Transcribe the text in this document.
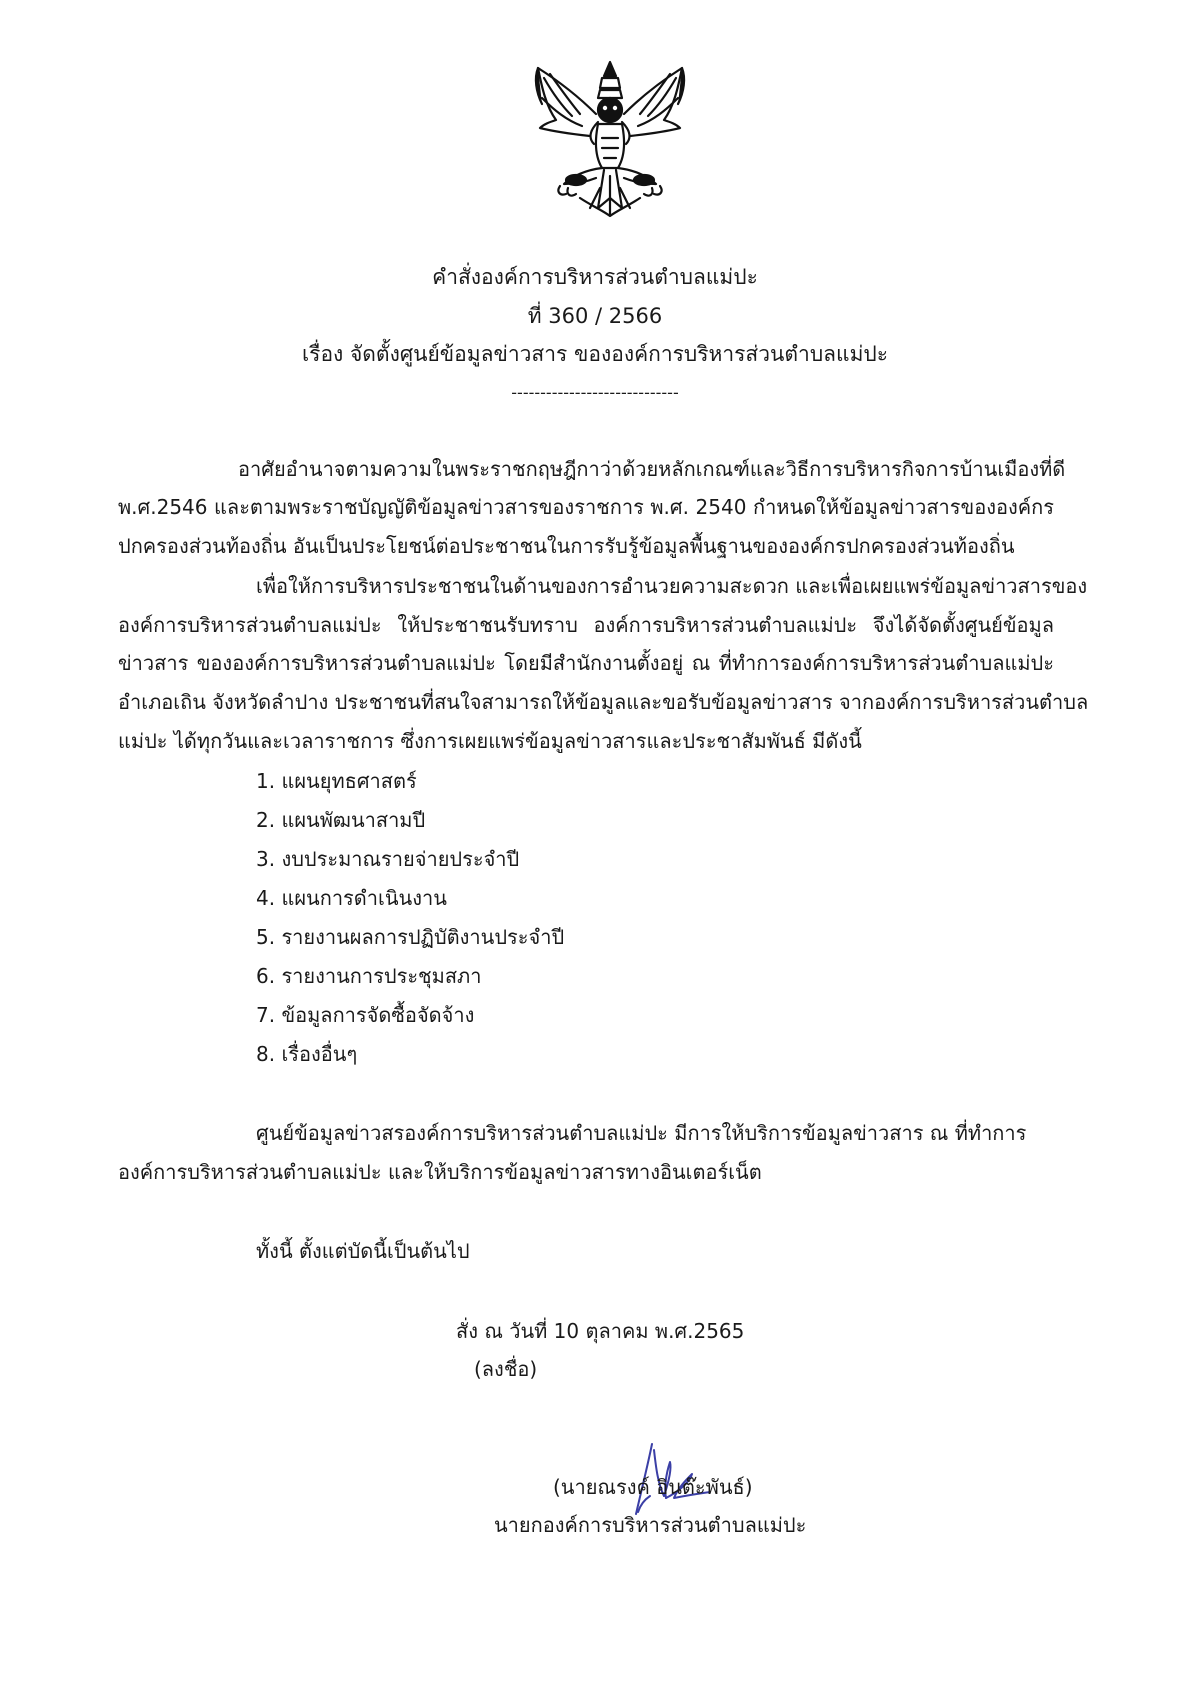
คำสั่งองค์การบริหารส่วนตำบลแม่ปะ
ที่ 360 / 2566
เรื่อง จัดตั้งศูนย์ข้อมูลข่าวสาร ขององค์การบริหารส่วนตำบลแม่ปะ
-----------------------------
อาศัยอำนาจตามความในพระราชกฤษฎีกาว่าด้วยหลักเกณฑ์และวิธีการบริหารกิจการบ้านเมืองที่ดี
พ.ศ.2546 และตามพระราชบัญญัติข้อมูลข่าวสารของราชการ พ.ศ. 2540 กำหนดให้ข้อมูลข่าวสารขององค์กร
ปกครองส่วนท้องถิ่น อันเป็นประโยชน์ต่อประชาชนในการรับรู้ข้อมูลพื้นฐานขององค์กรปกครองส่วนท้องถิ่น
เพื่อให้การบริหารประชาชนในด้านของการอำนวยความสะดวก และเพื่อเผยแพร่ข้อมูลข่าวสารของ
องค์การบริหารส่วนตำบลแม่ปะ ให้ประชาชนรับทราบ องค์การบริหารส่วนตำบลแม่ปะ จึงได้จัดตั้งศูนย์ข้อมูล
ข่าวสาร ขององค์การบริหารส่วนตำบลแม่ปะ โดยมีสำนักงานตั้งอยู่ ณ ที่ทำการองค์การบริหารส่วนตำบลแม่ปะ
อำเภอเถิน จังหวัดลำปาง ประชาชนที่สนใจสามารถให้ข้อมูลและขอรับข้อมูลข่าวสาร จากองค์การบริหารส่วนตำบล
แม่ปะ ได้ทุกวันและเวลาราชการ ซึ่งการเผยแพร่ข้อมูลข่าวสารและประชาสัมพันธ์ มีดังนี้
1. แผนยุทธศาสตร์
2. แผนพัฒนาสามปี
3. งบประมาณรายจ่ายประจำปี
4. แผนการดำเนินงาน
5. รายงานผลการปฏิบัติงานประจำปี
6. รายงานการประชุมสภา
7. ข้อมูลการจัดซื้อจัดจ้าง
8. เรื่องอื่นๆ
ศูนย์ข้อมูลข่าวสรองค์การบริหารส่วนตำบลแม่ปะ มีการให้บริการข้อมูลข่าวสาร ณ ที่ทำการ
องค์การบริหารส่วนตำบลแม่ปะ และให้บริการข้อมูลข่าวสารทางอินเตอร์เน็ต
ทั้งนี้ ตั้งแต่บัดนี้เป็นต้นไป
สั่ง ณ วันที่ 10 ตุลาคม พ.ศ.2565
(ลงชื่อ)
(นายณรงค์ อินต๊ะพันธ์)
นายกองค์การบริหารส่วนตำบลแม่ปะ
